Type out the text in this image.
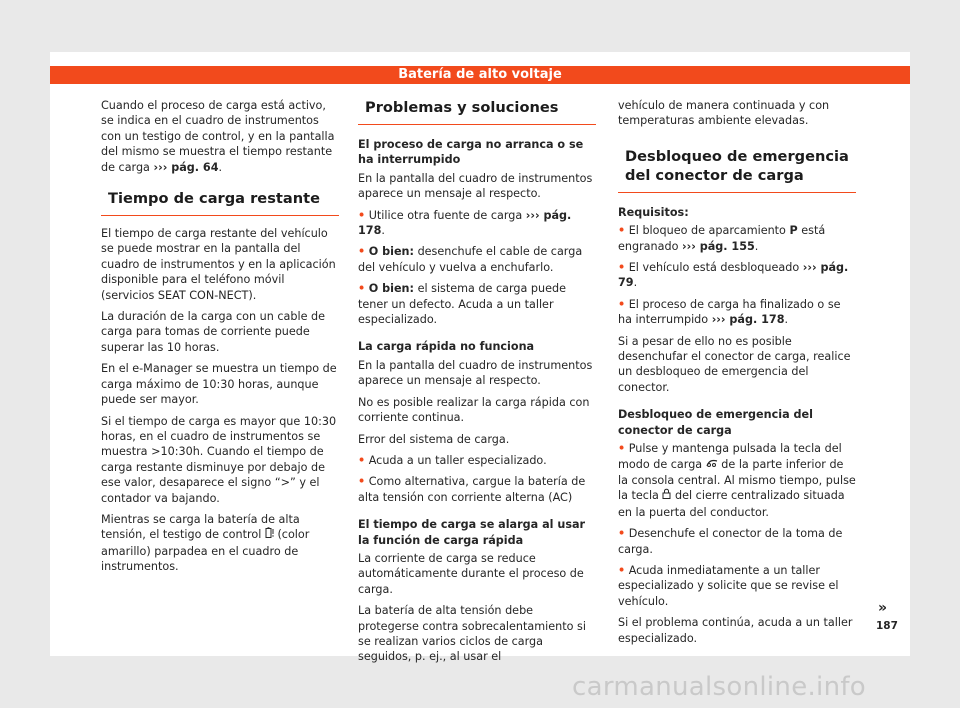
Batería de alto voltaje

Cuando el proceso de carga está activo, se indica en el cuadro de instrumentos con un testigo de control, y en la pantalla del mismo se muestra el tiempo restante de carga ››› pág. 64.

Tiempo de carga restante

El tiempo de carga restante del vehículo se puede mostrar en la pantalla del cuadro de instrumentos y en la aplicación disponible para el teléfono móvil (servicios SEAT CON-NECT).

La duración de la carga con un cable de carga para tomas de corriente puede superar las 10 horas.

En el e-Manager se muestra un tiempo de carga máximo de 10:30 horas, aunque puede ser mayor.

Si el tiempo de carga es mayor que 10:30 horas, en el cuadro de instrumentos se muestra >10:30h. Cuando el tiempo de carga restante disminuye por debajo de ese valor, desaparece el signo “>” y el contador va bajando.

Mientras se carga la batería de alta tensión, el testigo de control (color amarillo) parpadea en el cuadro de instrumentos.

Problemas y soluciones
El proceso de carga no arranca o se ha interrumpido

En la pantalla del cuadro de instrumentos aparece un mensaje al respecto.

• Utilice otra fuente de carga ››› pág. 178.

• O bien: desenchufe el cable de carga del vehículo y vuelva a enchufarlo.

• O bien: el sistema de carga puede tener un defecto. Acuda a un taller especializado.

La carga rápida no funciona

En la pantalla del cuadro de instrumentos aparece un mensaje al respecto.

No es posible realizar la carga rápida con corriente continua.

Error del sistema de carga.

• Acuda a un taller especializado.

• Como alternativa, cargue la batería de alta tensión con corriente alterna (AC)

El tiempo de carga se alarga al usar la función de carga rápida

La corriente de carga se reduce automáticamente durante el proceso de carga.

La batería de alta tensión debe protegerse contra sobrecalentamiento si se realizan varios ciclos de carga seguidos, p. ej., al usar el

vehículo de manera continuada y con temperaturas ambiente elevadas.

Desbloqueo de emergencia del conector de carga
Requisitos:

• El bloqueo de aparcamiento P está engranado ››› pág. 155.

• El vehículo está desbloqueado ››› pág. 79.

• El proceso de carga ha finalizado o se ha interrumpido ››› pág. 178.

Si a pesar de ello no es posible desenchufar el conector de carga, realice un desbloqueo de emergencia del conector.

Desbloqueo de emergencia del conector de carga

• Pulse y mantenga pulsada la tecla del modo de carga de la parte inferior de la consola central. Al mismo tiempo, pulse la tecla del cierre centralizado situada en la puerta del conductor.

• Desenchufe el conector de la toma de carga.

• Acuda inmediatamente a un taller especializado y solicite que se revise el vehículo.

Si el problema continúa, acuda a un taller especializado.

»
187
carmanualsonline.info
